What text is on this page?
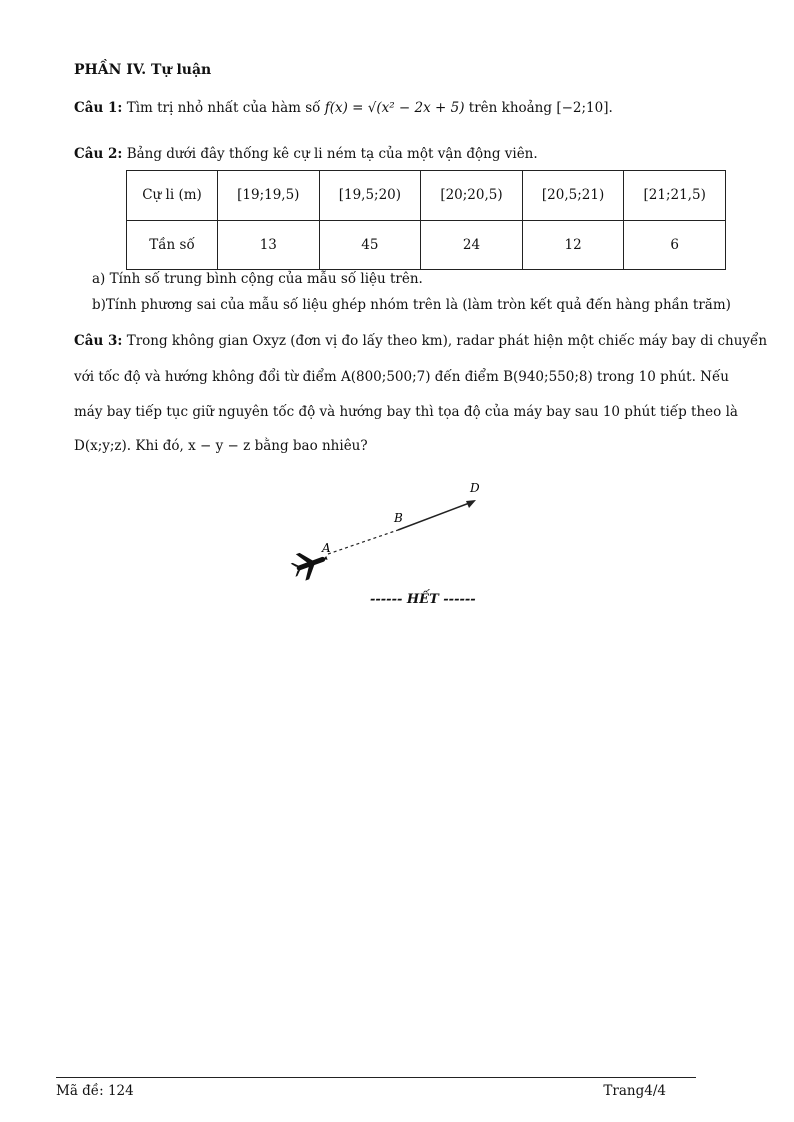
PHẦN IV. Tự luận
Câu 1: Tìm trị nhỏ nhất của hàm số f(x) = √(x² − 2x + 5) trên khoảng [−2;10].
Câu 2: Bảng dưới đây thống kê cự li ném tạ của một vận động viên.
Cự li (m)	[19;19,5)	[19,5;20)	[20;20,5)	[20,5;21)	[21;21,5)
Tần số	13	45	24	12	6
a) Tính số trung bình cộng của mẫu số liệu trên.
b)Tính phương sai của mẫu số liệu ghép nhóm trên là (làm tròn kết quả đến hàng phần trăm)
Câu 3: Trong không gian Oxyz (đơn vị đo lấy theo km), radar phát hiện một chiếc máy bay di chuyển
với tốc độ và hướng không đổi từ điểm A(800;500;7) đến điểm B(940;550;8) trong 10 phút. Nếu
máy bay tiếp tục giữ nguyên tốc độ và hướng bay thì tọa độ của máy bay sau 10 phút tiếp theo là
D(x;y;z). Khi đó, x − y − z bằng bao nhiêu?
A
B
D
------ HẾT ------
Mã đề: 124	Trang4/4
